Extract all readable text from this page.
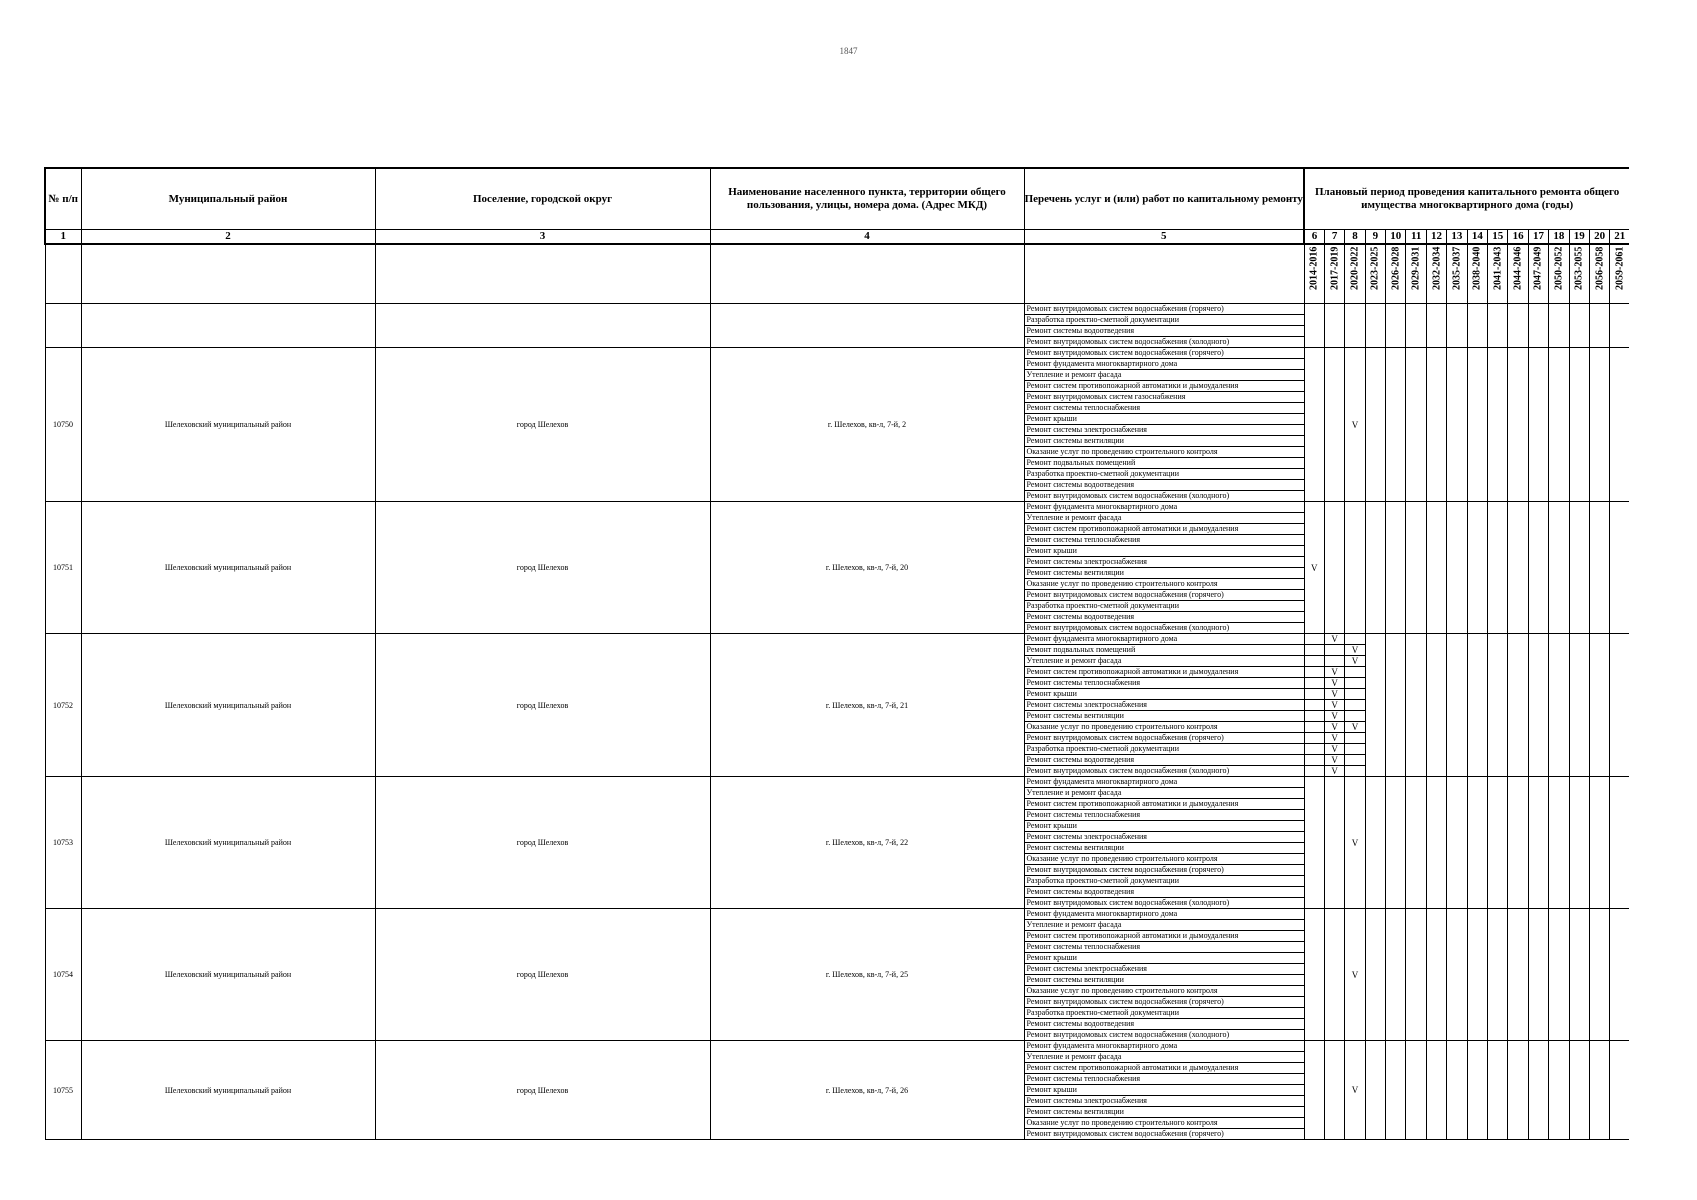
1847
№ п/п	Муниципальный район	Поселение, городской округ	Наименование населенного пункта, территории общего пользования, улицы, номера дома. (Адрес МКД)	Перечень услуг и (или) работ по капитальному ремонту	Плановый период проведения капитального ремонта общего имущества многоквартирного дома (годы)															
1	2	3	4	5	6	7	8	9	10	11	12	13	14	15	16	17	18	19	20	21

					2014-2016	2017-2019	2020-2022	2023-2025	2026-2028	2029-2031	2032-2034	2035-2037	2038-2040	2041-2043	2044-2046	2047-2049	2050-2052	2053-2055	2056-2058	2059-2061

				Ремонт внутридомовых систем водоснабжения (горячего)																
				Разработка проектно-сметной документации																
				Ремонт системы водоотведения																
				Ремонт внутридомовых систем водоснабжения (холодного)																
10750	Шелеховский муниципальный район	город Шелехов	г. Шелехов, кв-л, 7-й, 2	Ремонт внутридомовых систем водоснабжения (горячего)			V													
				Ремонт фундамента многоквартирного дома																
				Утепление и ремонт фасада																
				Ремонт систем противопожарной автоматики и дымоудаления																
				Ремонт внутридомовых систем газоснабжения																
				Ремонт системы теплоснабжения																
				Ремонт крыши																
				Ремонт системы электроснабжения																
				Ремонт системы вентиляции																
				Оказание услуг по проведению строительного контроля																
				Ремонт подвальных помещений																
				Разработка проектно-сметной документации																
				Ремонт системы водоотведения																
				Ремонт внутридомовых систем водоснабжения (холодного)																
10751	Шелеховский муниципальный район	город Шелехов	г. Шелехов, кв-л, 7-й, 20	Ремонт фундамента многоквартирного дома	V															
				Утепление и ремонт фасада																
				Ремонт систем противопожарной автоматики и дымоудаления																
				Ремонт системы теплоснабжения																
				Ремонт крыши																
				Ремонт системы электроснабжения																
				Ремонт системы вентиляции																
				Оказание услуг по проведению строительного контроля																
				Ремонт внутридомовых систем водоснабжения (горячего)																
				Разработка проектно-сметной документации																
				Ремонт системы водоотведения																
				Ремонт внутридомовых систем водоснабжения (холодного)																
10752	Шелеховский муниципальный район	город Шелехов	г. Шелехов, кв-л, 7-й, 21	Ремонт фундамента многоквартирного дома		V														
				Ремонт подвальных помещений			V													
				Утепление и ремонт фасада			V													
				Ремонт систем противопожарной автоматики и дымоудаления		V														
				Ремонт системы теплоснабжения		V														
				Ремонт крыши		V														
				Ремонт системы электроснабжения		V														
				Ремонт системы вентиляции		V														
				Оказание услуг по проведению строительного контроля		V	V													
				Ремонт внутридомовых систем водоснабжения (горячего)		V														
				Разработка проектно-сметной документации		V														
				Ремонт системы водоотведения		V														
				Ремонт внутридомовых систем водоснабжения (холодного)		V														
10753	Шелеховский муниципальный район	город Шелехов	г. Шелехов, кв-л, 7-й, 22	Ремонт фундамента многоквартирного дома			V													
				Утепление и ремонт фасада																
				Ремонт систем противопожарной автоматики и дымоудаления																
				Ремонт системы теплоснабжения																
				Ремонт крыши																
				Ремонт системы электроснабжения																
				Ремонт системы вентиляции																
				Оказание услуг по проведению строительного контроля																
				Ремонт внутридомовых систем водоснабжения (горячего)																
				Разработка проектно-сметной документации																
				Ремонт системы водоотведения																
				Ремонт внутридомовых систем водоснабжения (холодного)																
10754	Шелеховский муниципальный район	город Шелехов	г. Шелехов, кв-л, 7-й, 25	Ремонт фундамента многоквартирного дома			V													
				Утепление и ремонт фасада																
				Ремонт систем противопожарной автоматики и дымоудаления																
				Ремонт системы теплоснабжения																
				Ремонт крыши																
				Ремонт системы электроснабжения																
				Ремонт системы вентиляции																
				Оказание услуг по проведению строительного контроля																
				Ремонт внутридомовых систем водоснабжения (горячего)																
				Разработка проектно-сметной документации																
				Ремонт системы водоотведения																
				Ремонт внутридомовых систем водоснабжения (холодного)																
10755	Шелеховский муниципальный район	город Шелехов	г. Шелехов, кв-л, 7-й, 26	Ремонт фундамента многоквартирного дома			V													
				Утепление и ремонт фасада																
				Ремонт систем противопожарной автоматики и дымоудаления																
				Ремонт системы теплоснабжения																
				Ремонт крыши																
				Ремонт системы электроснабжения																
				Ремонт системы вентиляции																
				Оказание услуг по проведению строительного контроля																
				Ремонт внутридомовых систем водоснабжения (горячего)																
